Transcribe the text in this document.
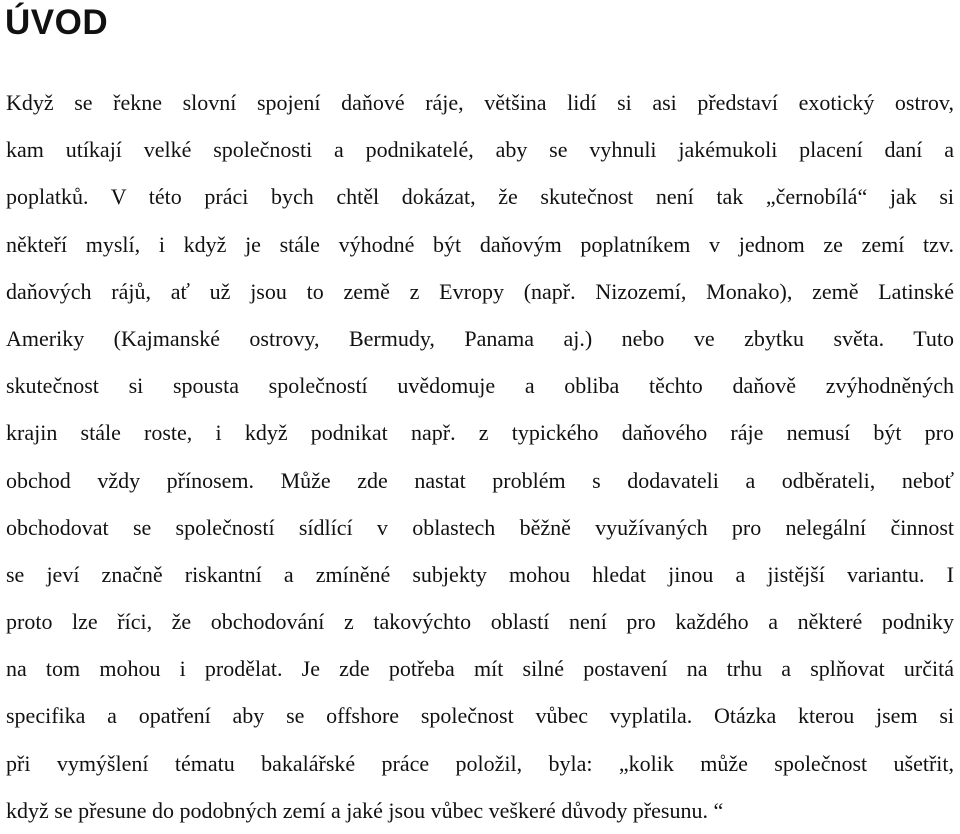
ÚVOD
Když se řekne slovní spojení daňové ráje, většina lidí si asi představí exotický ostrov,
kam utíkají velké společnosti a podnikatelé, aby se vyhnuli jakémukoli placení daní a
poplatků. V této práci bych chtěl dokázat, že skutečnost není tak „černobílá“ jak si
někteří myslí, i když je stále výhodné být daňovým poplatníkem v jednom ze zemí tzv.
daňových rájů, ať už jsou to země z Evropy (např. Nizozemí, Monako), země Latinské
Ameriky (Kajmanské ostrovy, Bermudy, Panama aj.) nebo ve zbytku světa. Tuto
skutečnost si spousta společností uvědomuje a obliba těchto daňově zvýhodněných
krajin stále roste, i když podnikat např. z typického daňového ráje nemusí být pro
obchod vždy přínosem. Může zde nastat problém s dodavateli a odběrateli, neboť
obchodovat se společností sídlící v oblastech běžně využívaných pro nelegální činnost
se jeví značně riskantní a zmíněné subjekty mohou hledat jinou a jistější variantu. I
proto lze říci, že obchodování z takovýchto oblastí není pro každého a některé podniky
na tom mohou i prodělat. Je zde potřeba mít silné postavení na trhu a splňovat určitá
specifika a opatření aby se offshore společnost vůbec vyplatila. Otázka kterou jsem si
při vymýšlení tématu bakalářské práce položil, byla: „kolik může společnost ušetřit,
když se přesune do podobných zemí a jaké jsou vůbec veškeré důvody přesunu. “
